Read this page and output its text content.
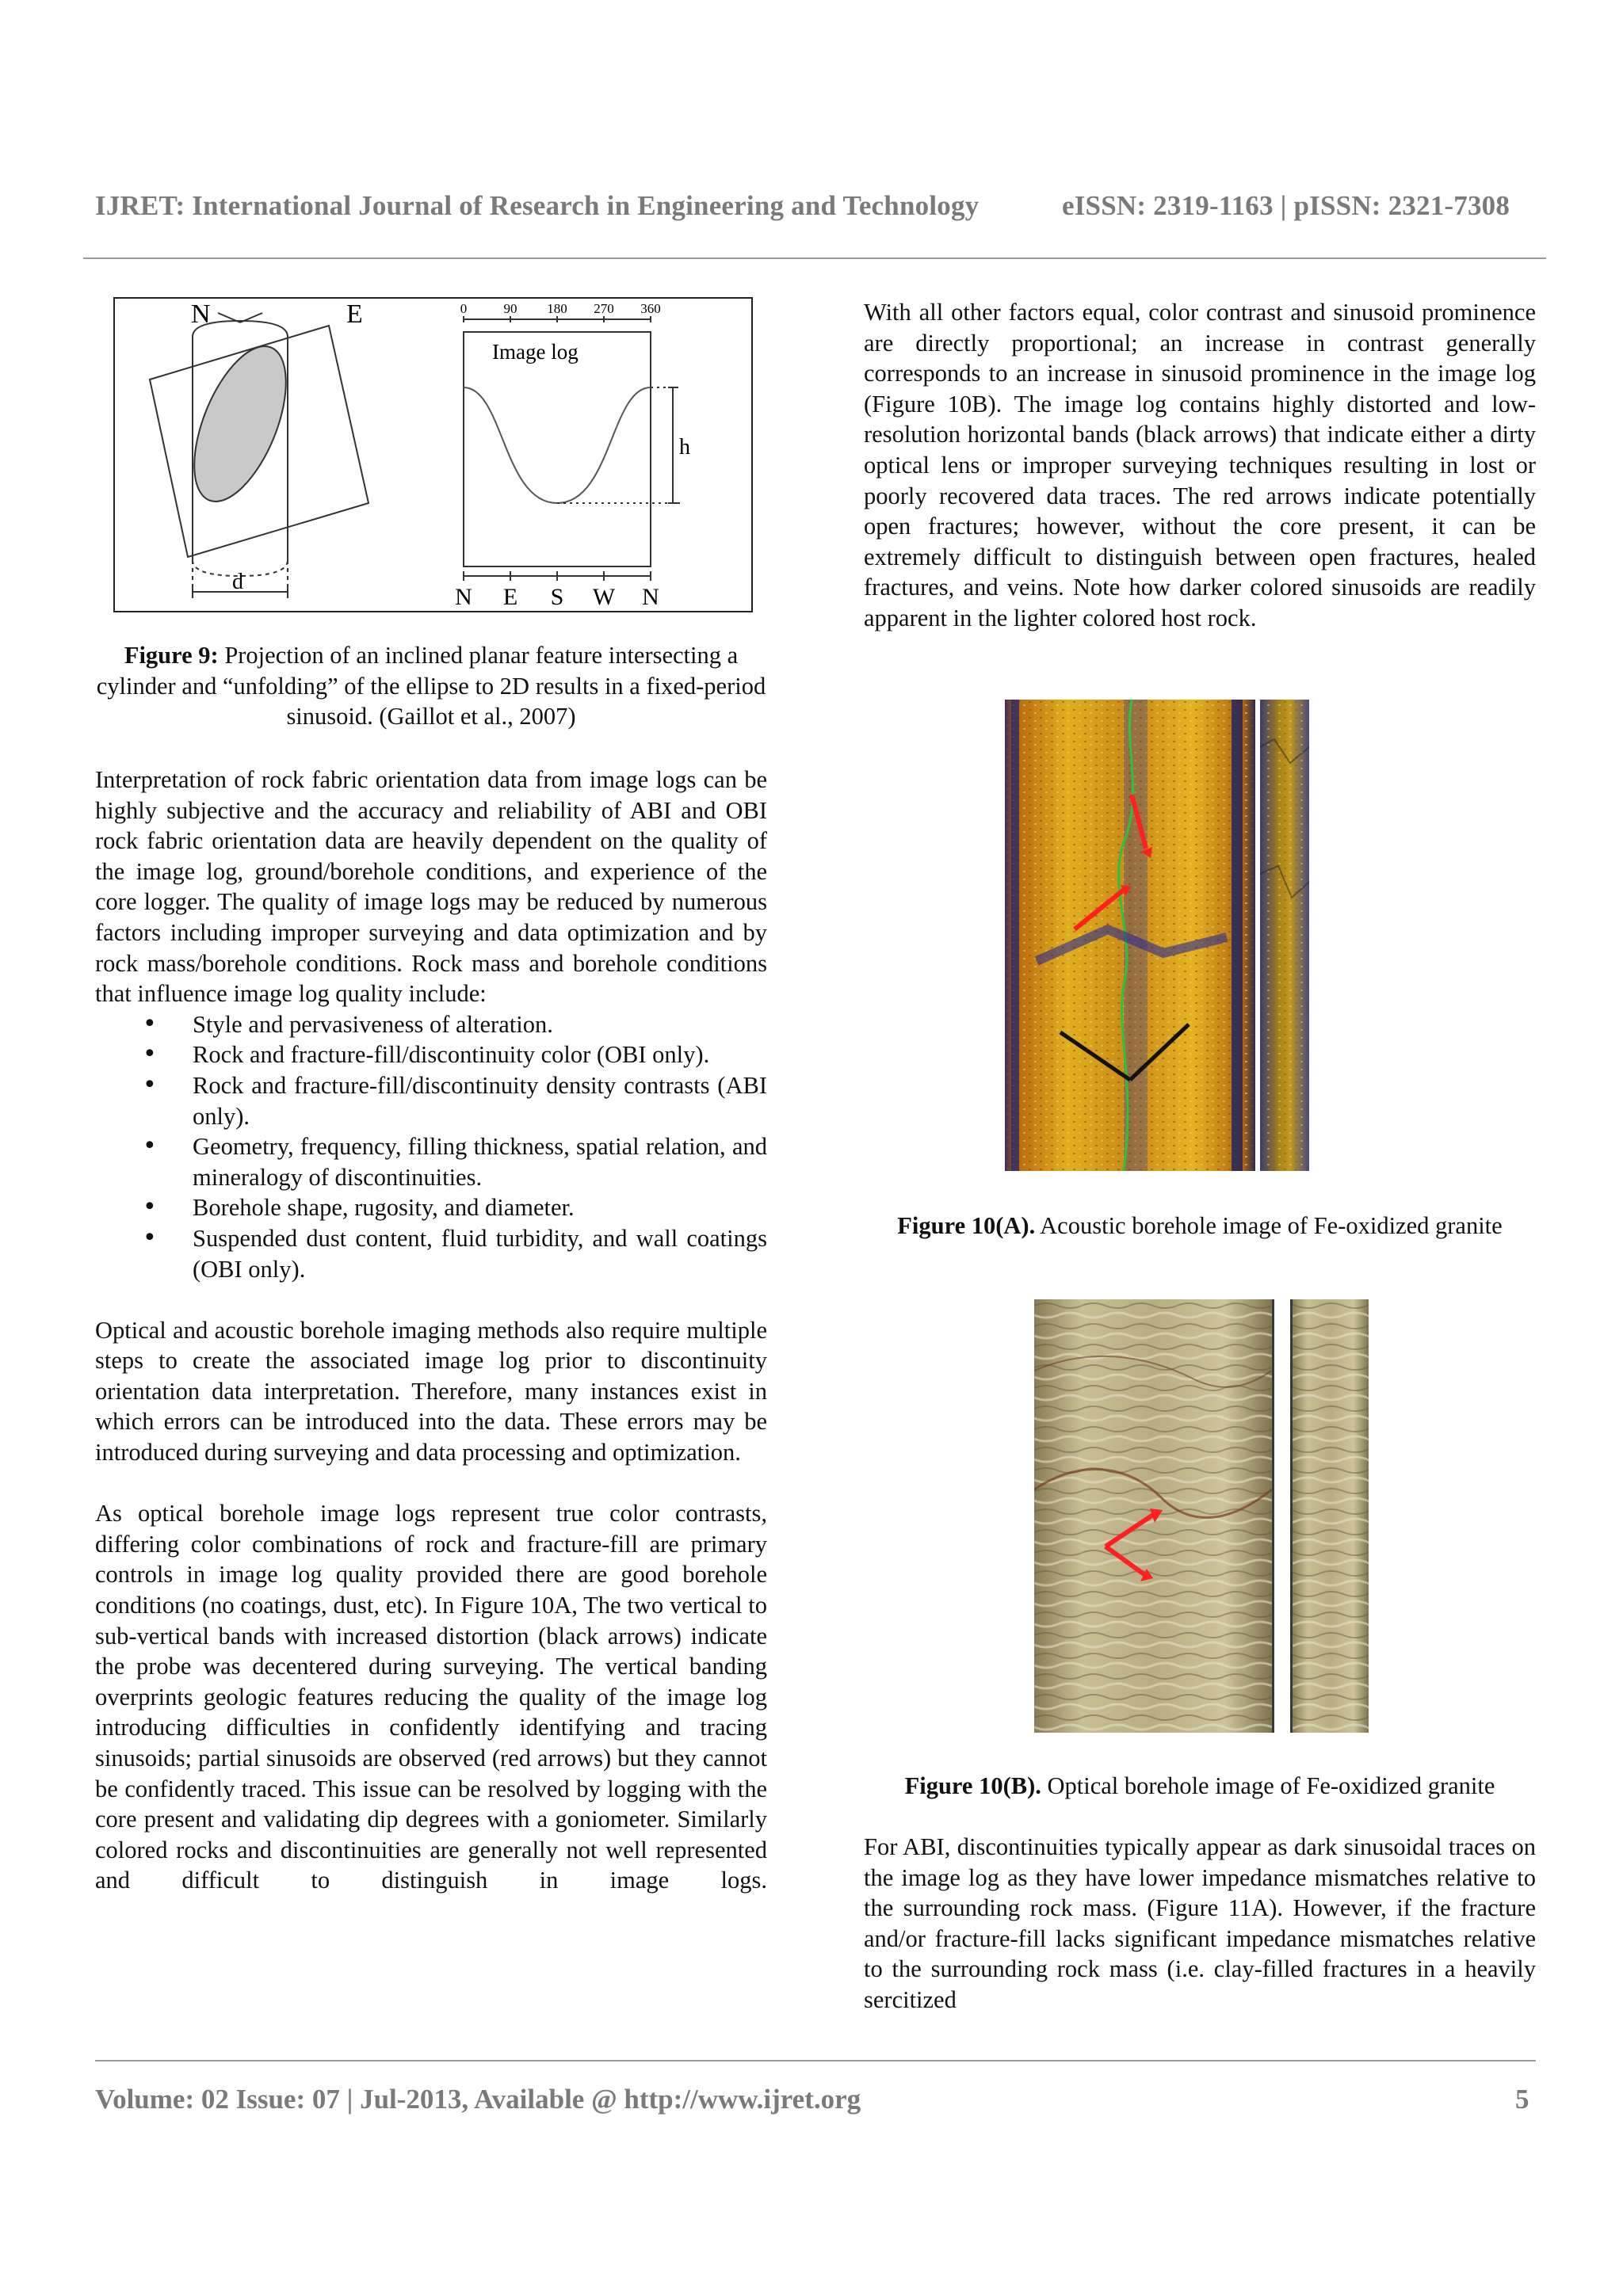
IJRET: International Journal of Research in Engineering and Technology	eISSN: 2319-1163 | pISSN: 2321-7308
N	E
d
Image log
h
0	90 180 270 360
N E S W N
Figure 9: Projection of an inclined planar feature intersecting a cylinder and “unfolding” of the ellipse to 2D results in a fixed-period sinusoid. (Gaillot et al., 2007)

Interpretation of rock fabric orientation data from image logs can be highly subjective and the accuracy and reliability of ABI and OBI rock fabric orientation data are heavily dependent on the quality of the image log, ground/borehole conditions, and experience of the core logger. The quality of image logs may be reduced by numerous factors including improper surveying and data optimization and by rock mass/borehole conditions. Rock mass and borehole conditions that influence image log quality include:

• Style and pervasiveness of alteration.
• Rock and fracture-fill/discontinuity color (OBI only).
• Rock and fracture-fill/discontinuity density contrasts (ABI only).
• Geometry, frequency, filling thickness, spatial relation, and mineralogy of discontinuities.
• Borehole shape, rugosity, and diameter.
• Suspended dust content, fluid turbidity, and wall coatings (OBI only).

Optical and acoustic borehole imaging methods also require multiple steps to create the associated image log prior to discontinuity orientation data interpretation. Therefore, many instances exist in which errors can be introduced into the data. These errors may be introduced during surveying and data processing and optimization.

As optical borehole image logs represent true color contrasts, differing color combinations of rock and fracture-fill are primary controls in image log quality provided there are good borehole conditions (no coatings, dust, etc). In Figure 10A, The two vertical to sub-vertical bands with increased distortion (black arrows) indicate the probe was decentered during surveying. The vertical banding overprints geologic features reducing the quality of the image log introducing difficulties in confidently identifying and tracing sinusoids; partial sinusoids are observed (red arrows) but they cannot be confidently traced. This issue can be resolved by logging with the core present and validating dip degrees with a goniometer. Similarly colored rocks and discontinuities are generally not well represented and difficult to distinguish in image logs.

With all other factors equal, color contrast and sinusoid prominence are directly proportional; an increase in contrast generally corresponds to an increase in sinusoid prominence in the image log (Figure 10B). The image log contains highly distorted and low-resolution horizontal bands (black arrows) that indicate either a dirty optical lens or improper surveying techniques resulting in lost or poorly recovered data traces. The red arrows indicate potentially open fractures; however, without the core present, it can be extremely difficult to distinguish between open fractures, healed fractures, and veins. Note how darker colored sinusoids are readily apparent in the lighter colored host rock.

Figure 10(A). Acoustic borehole image of Fe-oxidized granite
Figure 10(B). Optical borehole image of Fe-oxidized granite

For ABI, discontinuities typically appear as dark sinusoidal traces on the image log as they have lower impedance mismatches relative to the surrounding rock mass. (Figure 11A). However, if the fracture and/or fracture-fill lacks significant impedance mismatches relative to the surrounding rock mass (i.e. clay-filled fractures in a heavily sercitized

Volume: 02 Issue: 07 | Jul-2013, Available @ http://www.ijret.org	5
